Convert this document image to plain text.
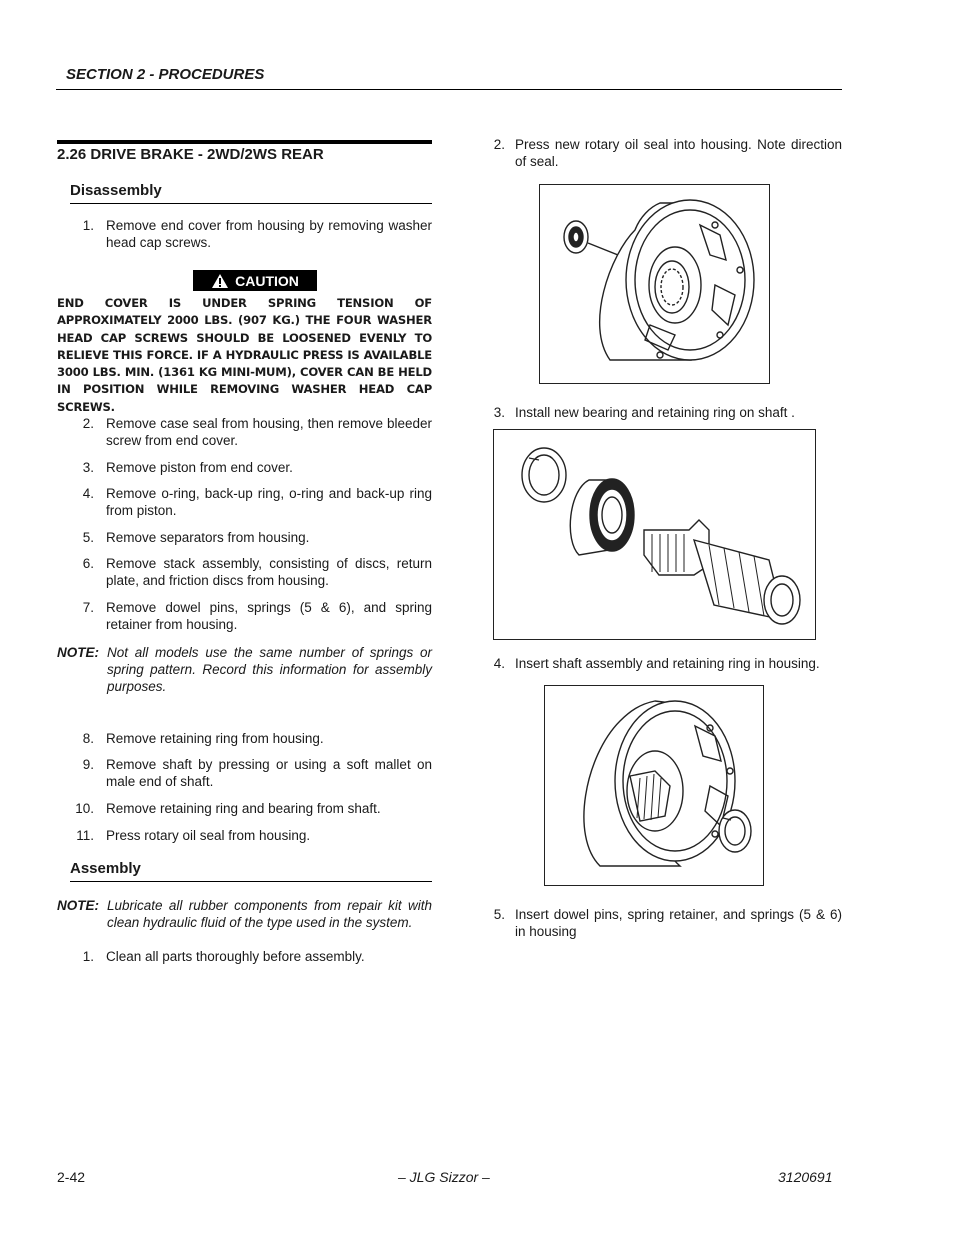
SECTION 2 - PROCEDURES
2.26 DRIVE BRAKE - 2WD/2WS REAR
Disassembly
1. Remove end cover from housing by removing washer head cap screws.
CAUTION
END COVER IS UNDER SPRING TENSION OF APPROXIMATELY 2000 LBS. (907 KG.) THE FOUR WASHER HEAD CAP SCREWS SHOULD BE LOOSENED EVENLY TO RELIEVE THIS FORCE. IF A HYDRAULIC PRESS IS AVAILABLE 3000 LBS. MIN. (1361 KG MINI-MUM), COVER CAN BE HELD IN POSITION WHILE REMOVING WASHER HEAD CAP SCREWS.
2. Remove case seal from housing, then remove bleeder screw from end cover.
3. Remove piston from end cover.
4. Remove o-ring, back-up ring, o-ring and back-up ring from piston.
5. Remove separators from housing.
6. Remove stack assembly, consisting of discs, return plate, and friction discs from housing.
7. Remove dowel pins, springs (5 & 6), and spring retainer from housing.
NOTE: Not all models use the same number of springs or spring pattern. Record this information for assembly purposes.
8. Remove retaining ring from housing.
9. Remove shaft by pressing or using a soft mallet on male end of shaft.
10. Remove retaining ring and bearing from shaft.
11. Press rotary oil seal from housing.
Assembly
NOTE: Lubricate all rubber components from repair kit with clean hydraulic fluid of the type used in the system.
1. Clean all parts thoroughly before assembly.
2. Press new rotary oil seal into housing. Note direction of seal.
3. Install new bearing and retaining ring on shaft .
4. Insert shaft assembly and retaining ring in housing.
5. Insert dowel pins, spring retainer, and springs (5 & 6) in housing
2-42	– JLG Sizzor –	3120691
